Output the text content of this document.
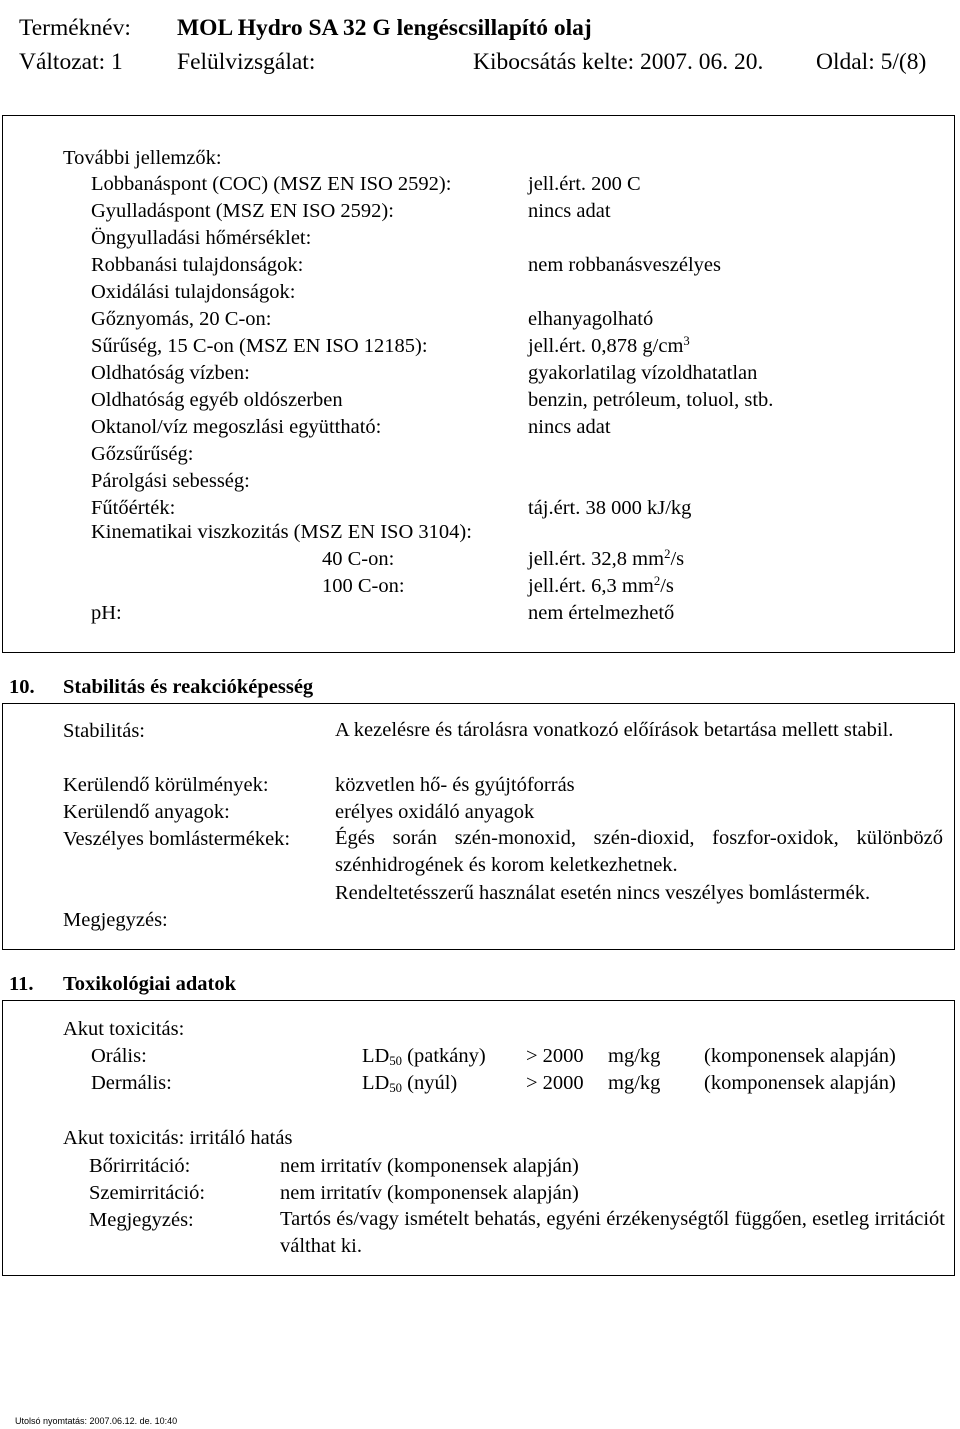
Terméknév: MOL Hydro SA 32 G lengéscsillapító olaj
Változat: 1 Felülvizsgálat:	Kibocsátás kelte: 2007. 06. 20. Oldal: 5/(8)
További jellemzők:
Lobbanáspont (COC) (MSZ EN ISO 2592):	jell.ért. 200 C
Gyulladáspont (MSZ EN ISO 2592):	nincs adat
Öngyulladási hőmérséklet:
Robbanási tulajdonságok:	nem robbanásveszélyes
Oxidálási tulajdonságok:
Gőznyomás, 20 C-on:	elhanyagolható
Sűrűség, 15 C-on (MSZ EN ISO 12185):	jell.ért. 0,878 $g/cm^3$
Oldhatóság vízben:	gyakorlatilag vízoldhatatlan
Oldhatóság egyéb oldószerben	benzin, petróleum, toluol, stb.
Oktanol/víz megoszlási együttható:	nincs adat
Gőzsűrűség:
Párolgási sebesség:
Fűtőérték:	táj.ért. 38 000 kJ/kg
Kinematikai viszkozitás (MSZ EN ISO 3104):
40 C-on:	jell.ért. 32,8 $mm^2/s$
100 C-on:	jell.ért. 6,3 $mm^2/s$
pH:	nem értelmezhető
10. Stabilitás és reakcióképesség
Stabilitás:	A kezelésre és tárolásra vonatkozó előírások betartása mellett stabil.
Kerülendő körülmények:	közvetlen hő- és gyújtóforrás
Kerülendő anyagok:	erélyes oxidáló anyagok
Veszélyes bomlástermékek: Égés során szén-monoxid, szén-dioxid, foszfor-oxidok, különböző szénhidrogének és korom keletkezhetnek.
Rendeltetésszerű használat esetén nincs veszélyes bomlástermék.
Megjegyzés:
11. Toxikológiai adatok
Akut toxicitás:
Orális:	$LD_{50}$ (patkány) > 2000 mg/kg (komponensek alapján)
Dermális:	$LD_{50}$ (nyúl)	> 2000 mg/kg (komponensek alapján)
Akut toxicitás: irritáló hatás
Bőrirritáció:	nem irritatív (komponensek alapján)
Szemirritáció:	nem irritatív (komponensek alapján)
Megjegyzés:	Tartós és/vagy ismételt behatás, egyéni érzékenységtől függően, esetleg irritációt válthat ki.
Utolsó nyomtatás: 2007.06.12. de. 10:40
